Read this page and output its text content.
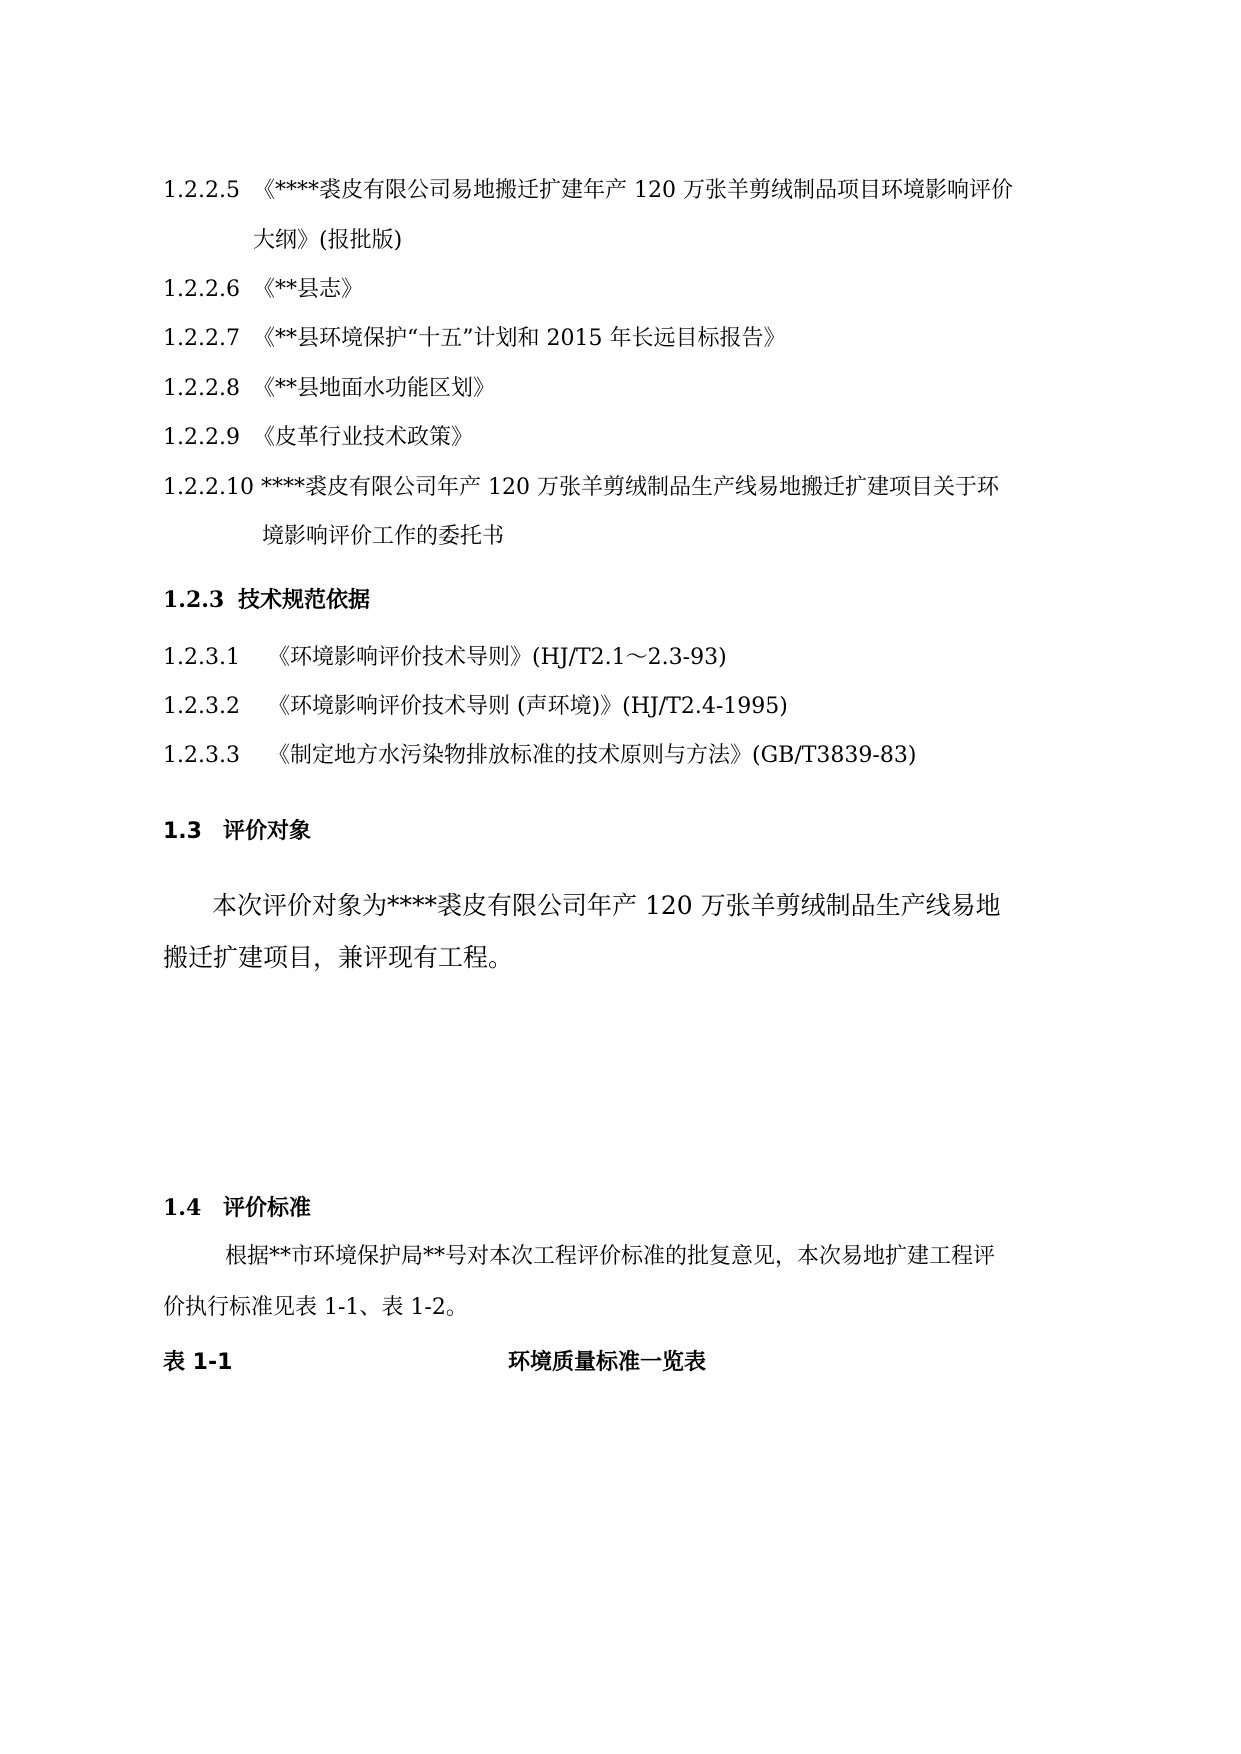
1.2.2.5 《****裘皮有限公司易地搬迁扩建年产 120 万张羊剪绒制品项目环境影响评价
大纲》(报批版)
1.2.2.6 《**县志》
1.2.2.7 《**县环境保护“十五”计划和 2015 年长远目标报告》
1.2.2.8 《**县地面水功能区划》
1.2.2.9 《皮革行业技术政策》
1.2.2.10 ****裘皮有限公司年产 120 万张羊剪绒制品生产线易地搬迁扩建项目关于环
境影响评价工作的委托书
1.2.3 技术规范依据
1.2.3.1 《环境影响评价技术导则》(HJ/T2.1～2.3-93)
1.2.3.2 《环境影响评价技术导则 (声环境)》(HJ/T2.4-1995)
1.2.3.3 《制定地方水污染物排放标准的技术原则与方法》(GB/T3839-83)
1.3 评价对象
本次评价对象为****裘皮有限公司年产 120 万张羊剪绒制品生产线易地
搬迁扩建项目，兼评现有工程。
1.4 评价标准
根据**市环境保护局**号对本次工程评价标准的批复意见，本次易地扩建工程评
价执行标准见表 1-1、表 1-2。
表 1-1	环境质量标准一览表
